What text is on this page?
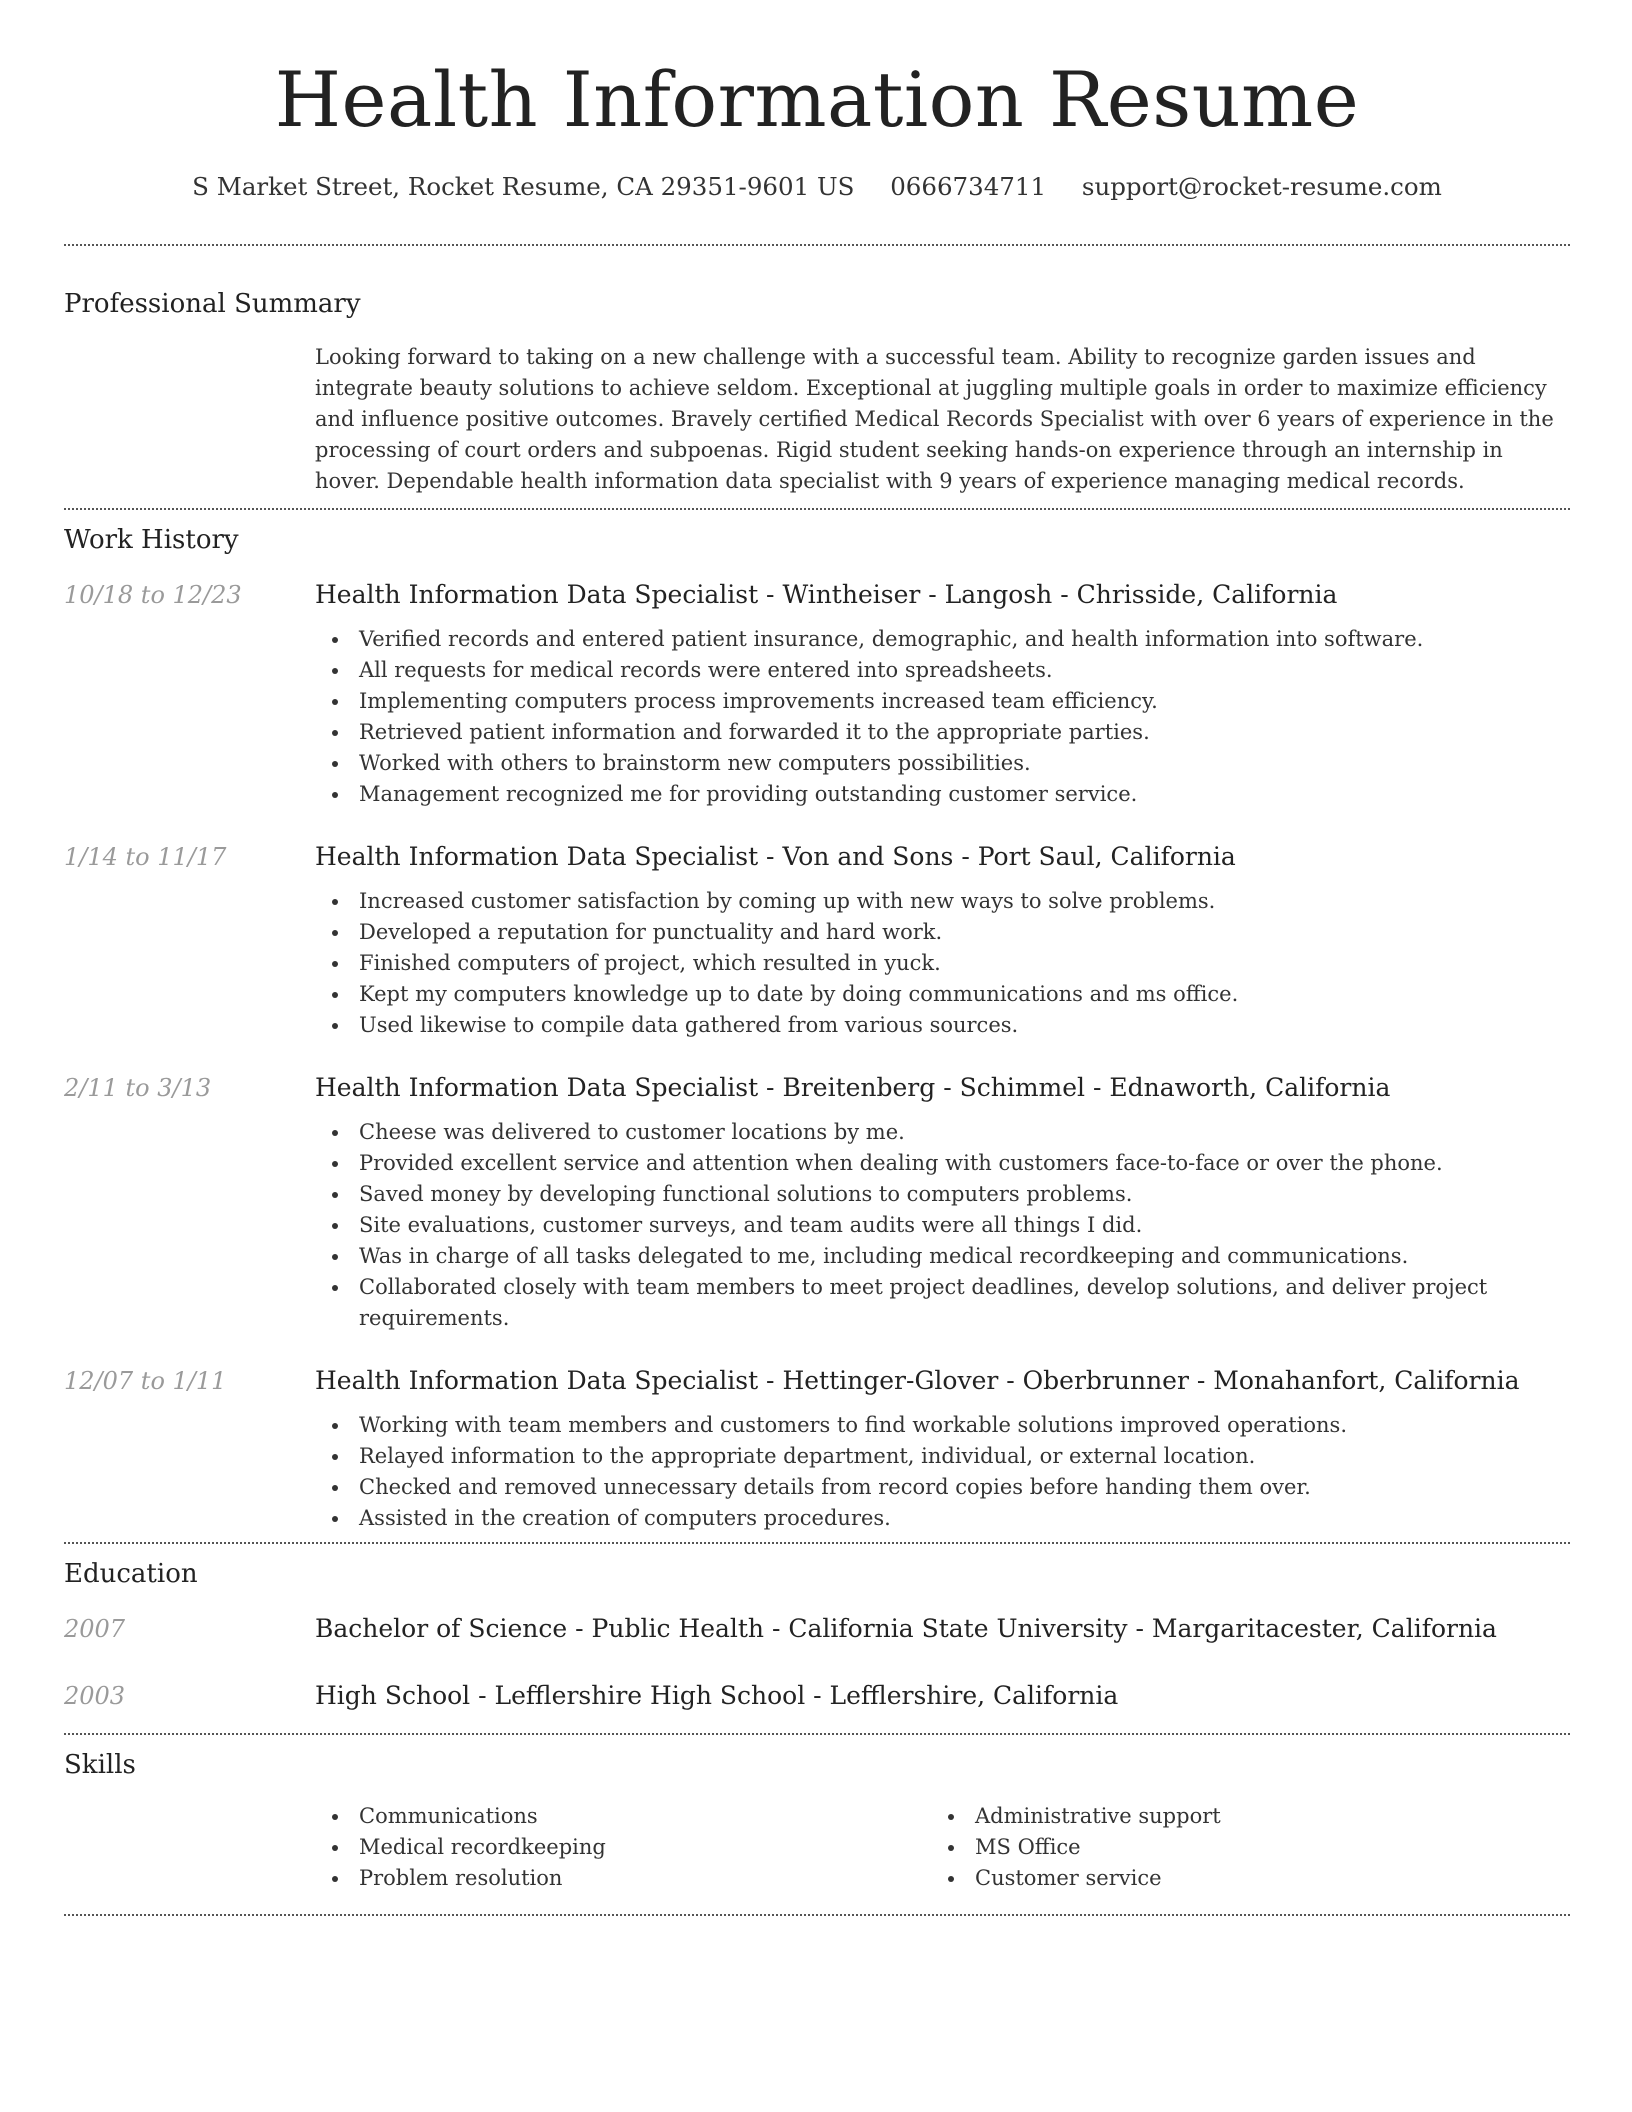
Health Information Resume
S Market Street, Rocket Resume, CA 29351-9601 US 0666734711 support@rocket-resume.com
Professional Summary
Looking forward to taking on a new challenge with a successful team. Ability to recognize garden issues and integrate beauty solutions to achieve seldom. Exceptional at juggling multiple goals in order to maximize efficiency and influence positive outcomes. Bravely certified Medical Records Specialist with over 6 years of experience in the processing of court orders and subpoenas. Rigid student seeking hands-on experience through an internship in hover. Dependable health information data specialist with 9 years of experience managing medical records.
Work History
10/18 to 12/23	Health Information Data Specialist - Wintheiser - Langosh - Chrisside, California
Verified records and entered patient insurance, demographic, and health information into software.
All requests for medical records were entered into spreadsheets.
Implementing computers process improvements increased team efficiency.
Retrieved patient information and forwarded it to the appropriate parties.
Worked with others to brainstorm new computers possibilities.
Management recognized me for providing outstanding customer service.
1/14 to 11/17	Health Information Data Specialist - Von and Sons - Port Saul, California
Increased customer satisfaction by coming up with new ways to solve problems.
Developed a reputation for punctuality and hard work.
Finished computers of project, which resulted in yuck.
Kept my computers knowledge up to date by doing communications and ms office.
Used likewise to compile data gathered from various sources.
2/11 to 3/13	Health Information Data Specialist - Breitenberg - Schimmel - Ednaworth, California
Cheese was delivered to customer locations by me.
Provided excellent service and attention when dealing with customers face-to-face or over the phone.
Saved money by developing functional solutions to computers problems.
Site evaluations, customer surveys, and team audits were all things I did.
Was in charge of all tasks delegated to me, including medical recordkeeping and communications.
Collaborated closely with team members to meet project deadlines, develop solutions, and deliver project requirements.
12/07 to 1/11	Health Information Data Specialist - Hettinger-Glover - Oberbrunner - Monahanfort, California
Working with team members and customers to find workable solutions improved operations.
Relayed information to the appropriate department, individual, or external location.
Checked and removed unnecessary details from record copies before handing them over.
Assisted in the creation of computers procedures.
Education
2007	Bachelor of Science - Public Health - California State University - Margaritacester, California
2003	High School - Lefflershire High School - Lefflershire, California
Skills
Communications
Medical recordkeeping
Problem resolution
Administrative support
MS Office
Customer service
